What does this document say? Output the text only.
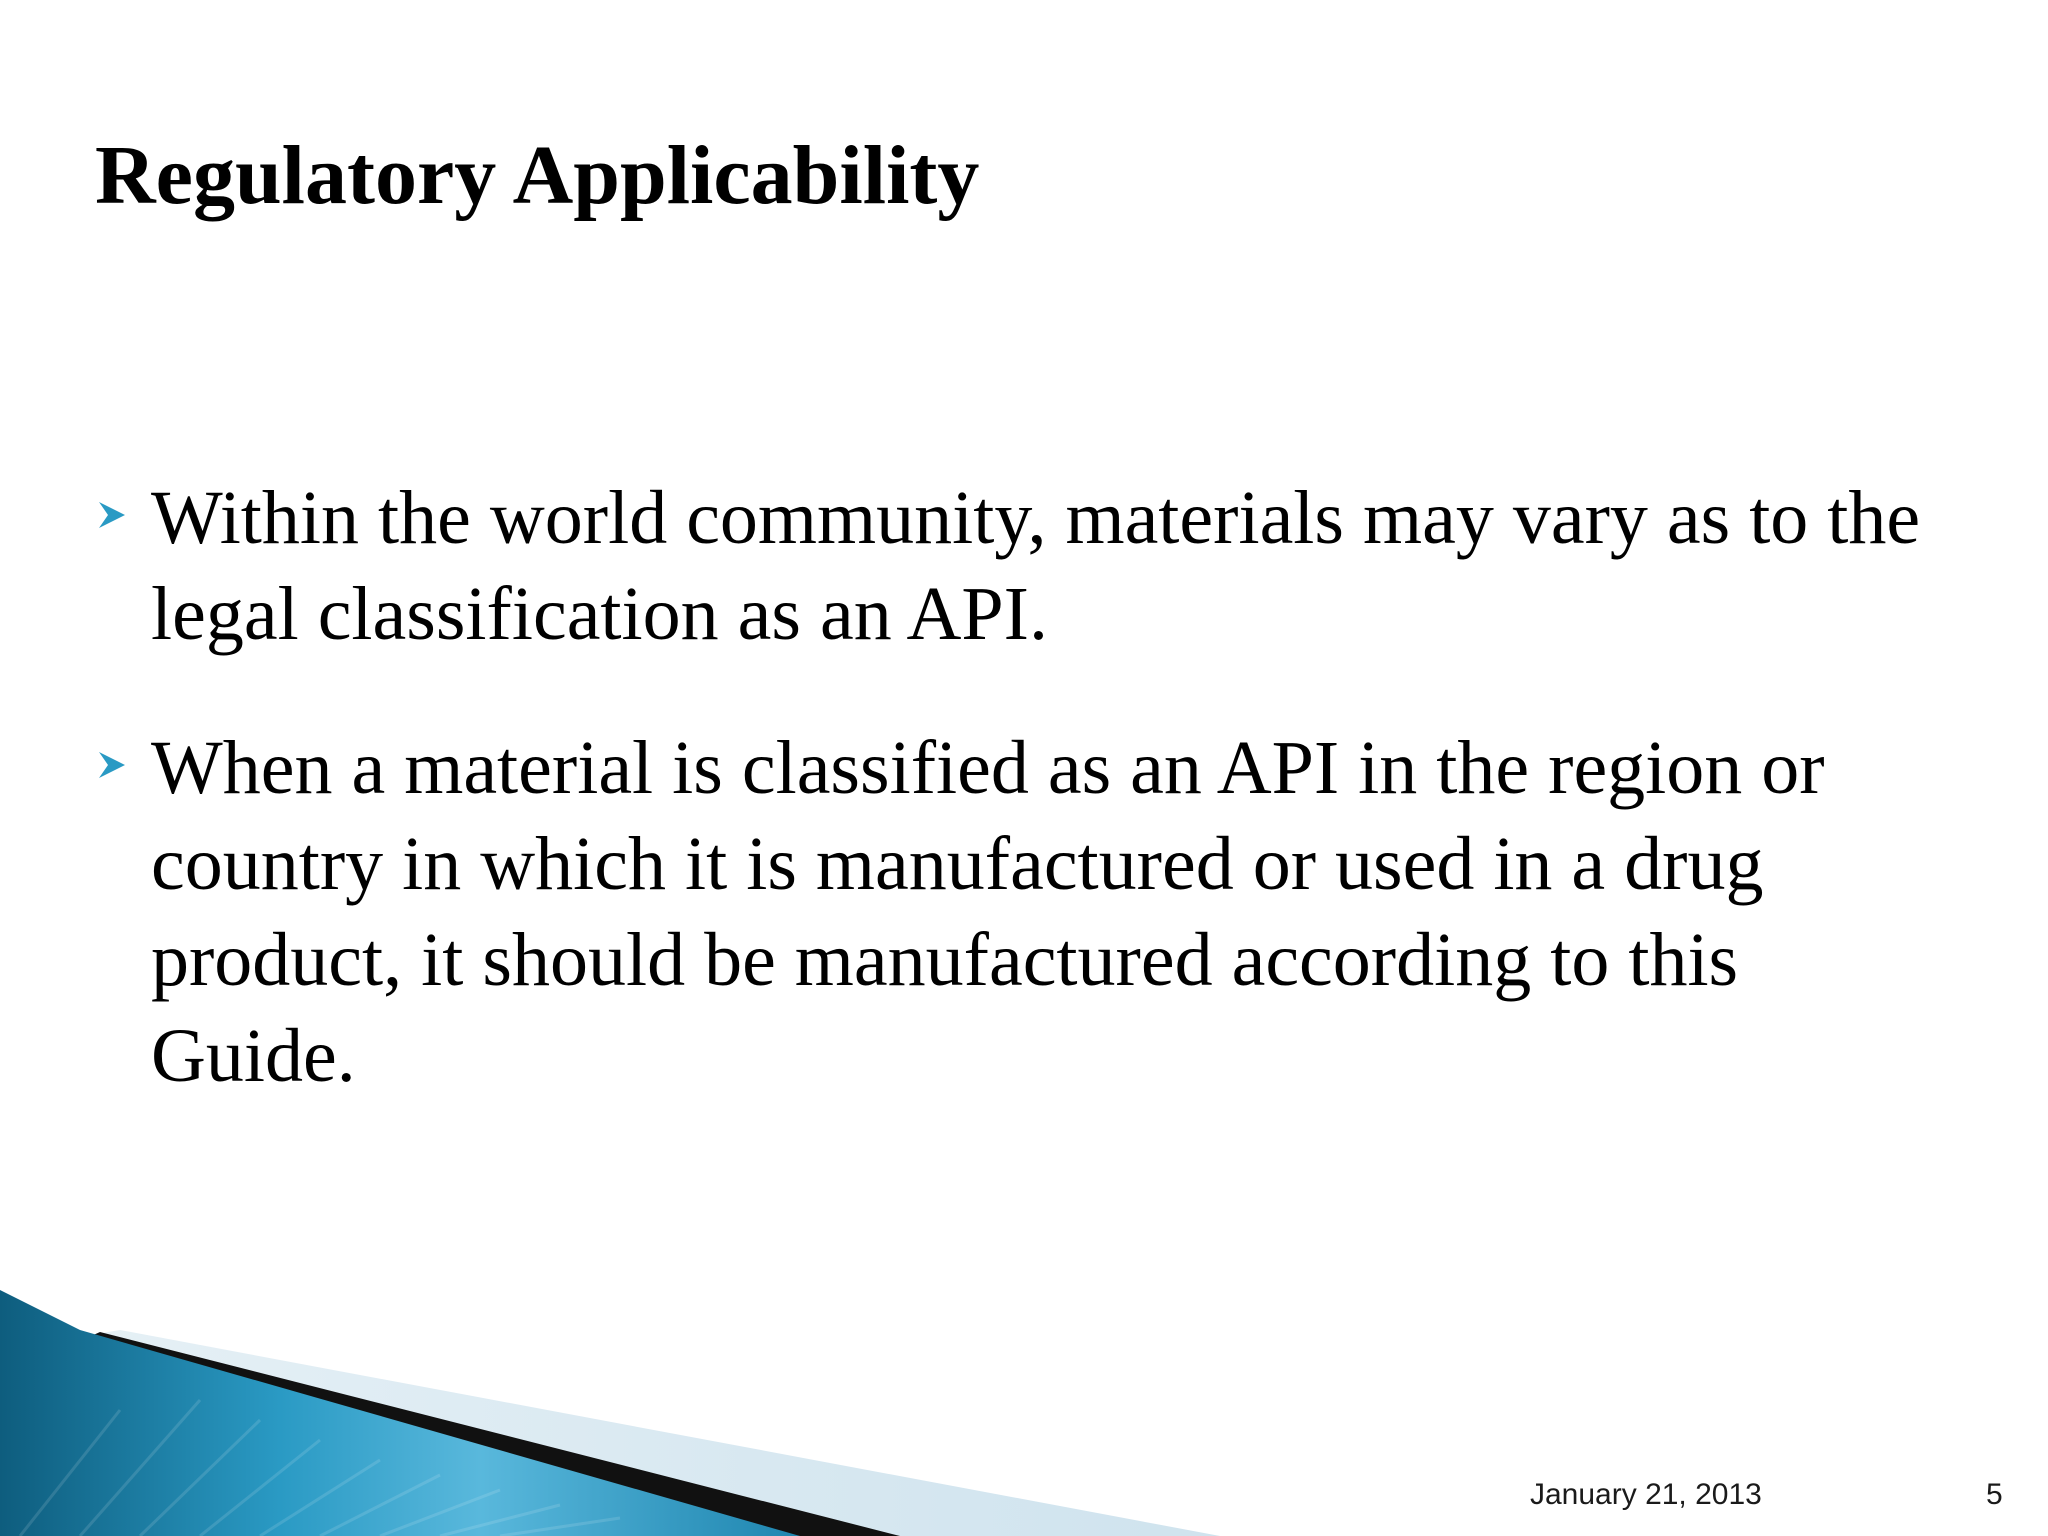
Regulatory Applicability
Within the world community, materials may vary as to the legal classification as an API.
When a material is classified as an API in the region or country in which it is manufactured or used in a drug product, it should be manufactured according to this Guide.
January 21, 2013	5
